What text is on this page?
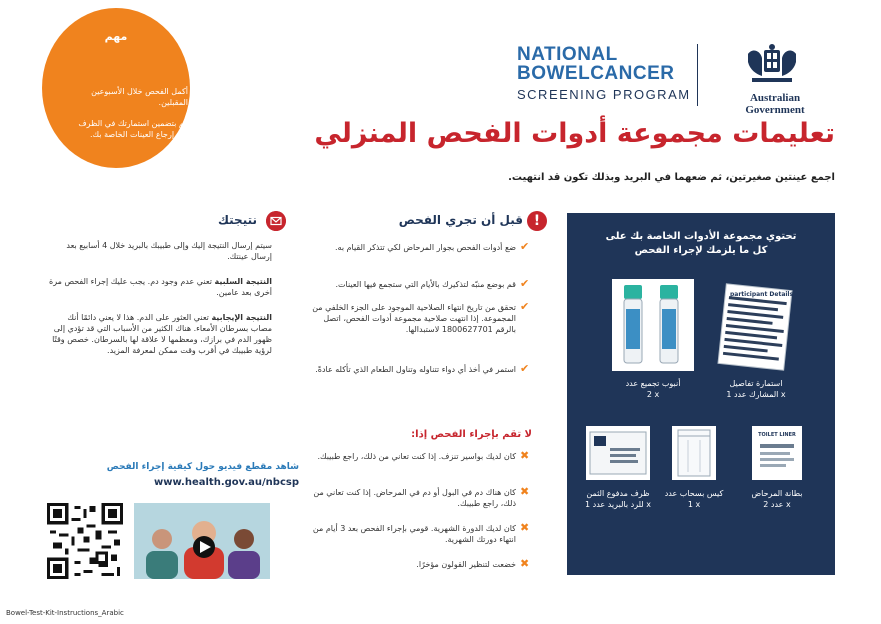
مهم
أكمل الفحص خلال الأسبوعين المقبلين.
قم بتضمين استمارتك في الظرف عند إرجاع العينات الخاصة بك.
NATIONAL
BOWELCANCER
SCREENING PROGRAM	Australian Government
تعليمات مجموعة أدوات الفحص المنزلي
اجمع عينتين صغيرتين، ثم ضعهما في البريد وبذلك تكون قد انتهيت.
!
قبل أن تجري الفحص
✔
ضع أدوات الفحص بجوار المرحاض لكي تتذكر القيام به.
✔
قم بوضع منبّه لتذكيرك بالأيام التي ستجمع فيها العينات.
✔
تحقق من تاريخ انتهاء الصلاحية الموجود على الجزء الخلفي من المجموعة. إذا انتهت صلاحية مجموعة أدوات الفحص، اتصل بالرقم 1800627701 لاستبدالها.
✔
استمر في أخذ أي دواء تتناوله وتناول الطعام الذي تأكله عادةً.
لا تقم بإجراء الفحص إذا:
✖
كان لديك بواسير تنزف. إذا كنت تعاني من ذلك، راجع طبيبك.
✖
كان هناك دم في البول أو دم في المرحاض. إذا كنت تعاني من ذلك، راجع طبيبك.
✖
كان لديك الدورة الشهرية. قومي بإجراء الفحص بعد 3 أيام من انتهاء دورتك الشهرية.
✖
خضعت لتنظير القولون مؤخرًا.
نتيجتك
سيتم إرسال النتيجة إليك وإلى طبيبك بالبريد خلال 4 أسابيع بعد إرسال عينتك.
النتيجة السلبية تعني عدم وجود دم. يجب عليك إجراء الفحص مرة أخرى بعد عامين.
النتيجة الإيجابية تعني العثور على الدم. هذا لا يعني دائمًا أنك مصاب بسرطان الأمعاء. هناك الكثير من الأسباب التي قد تؤدي إلى ظهور الدم في برازك، ومعظمها لا علاقة لها بالسرطان. خصص وقتًا لرؤية طبيبك في أقرب وقت ممكن لمعرفة المزيد.
شاهد مقطع فيديو حول كيفية إجراء الفحص
www.health.gov.au/nbcsp
تحتوي مجموعة الأدوات الخاصة بك على
كل ما يلزمك لإجراء الفحص
أنبوب تجميع عدد
2 x
participant Details
استمارة تفاصيل المشارك عدد 1 x
ظرف مدفوع الثمن للرد بالبريد عدد 1 x
كيس بسحاب عدد 1 x
TOILET LINER
بطانة المرحاض عدد 2 x
Bowel-Test-Kit-Instructions_Arabic
